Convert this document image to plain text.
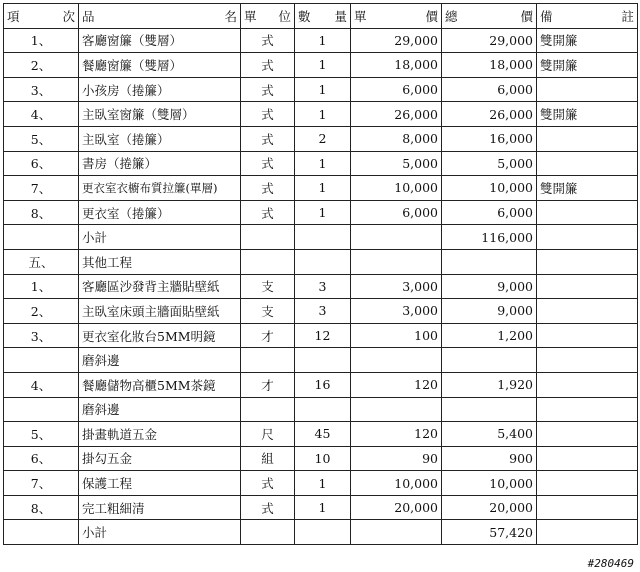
項 次	品 名	單 位	數 量	單 價	總 價	備 註

1、	客廳窗簾（雙層）	式	1	29,000	29,000	雙開簾
2、	餐廳窗簾（雙層）	式	1	18,000	18,000	雙開簾
3、	小孩房（捲簾）	式	1	6,000	6,000	
4、	主臥室窗簾（雙層）	式	1	26,000	26,000	雙開簾
5、	主臥室（捲簾）	式	2	8,000	16,000	
6、	書房（捲簾）	式	1	5,000	5,000	
7、	更衣室衣櫥布質拉簾(單層)	式	1	10,000	10,000	雙開簾
8、	更衣室（捲簾）	式	1	6,000	6,000	
	小計				116,000	
五、	其他工程					
1、	客廳區沙發背主牆貼壁紙	支	3	3,000	9,000	
2、	主臥室床頭主牆面貼壁紙	支	3	3,000	9,000	
3、	更衣室化妝台5MM明鏡	才	12	100	1,200	
	磨斜邊					
4、	餐廳儲物高櫃5MM茶鏡	才	16	120	1,920	
	磨斜邊					
5、	掛畫軌道五金	尺	45	120	5,400	
6、	掛勾五金	組	10	90	900	
7、	保護工程	式	1	10,000	10,000	
8、	完工粗細清	式	1	20,000	20,000	
	小計				57,420	
#280469
